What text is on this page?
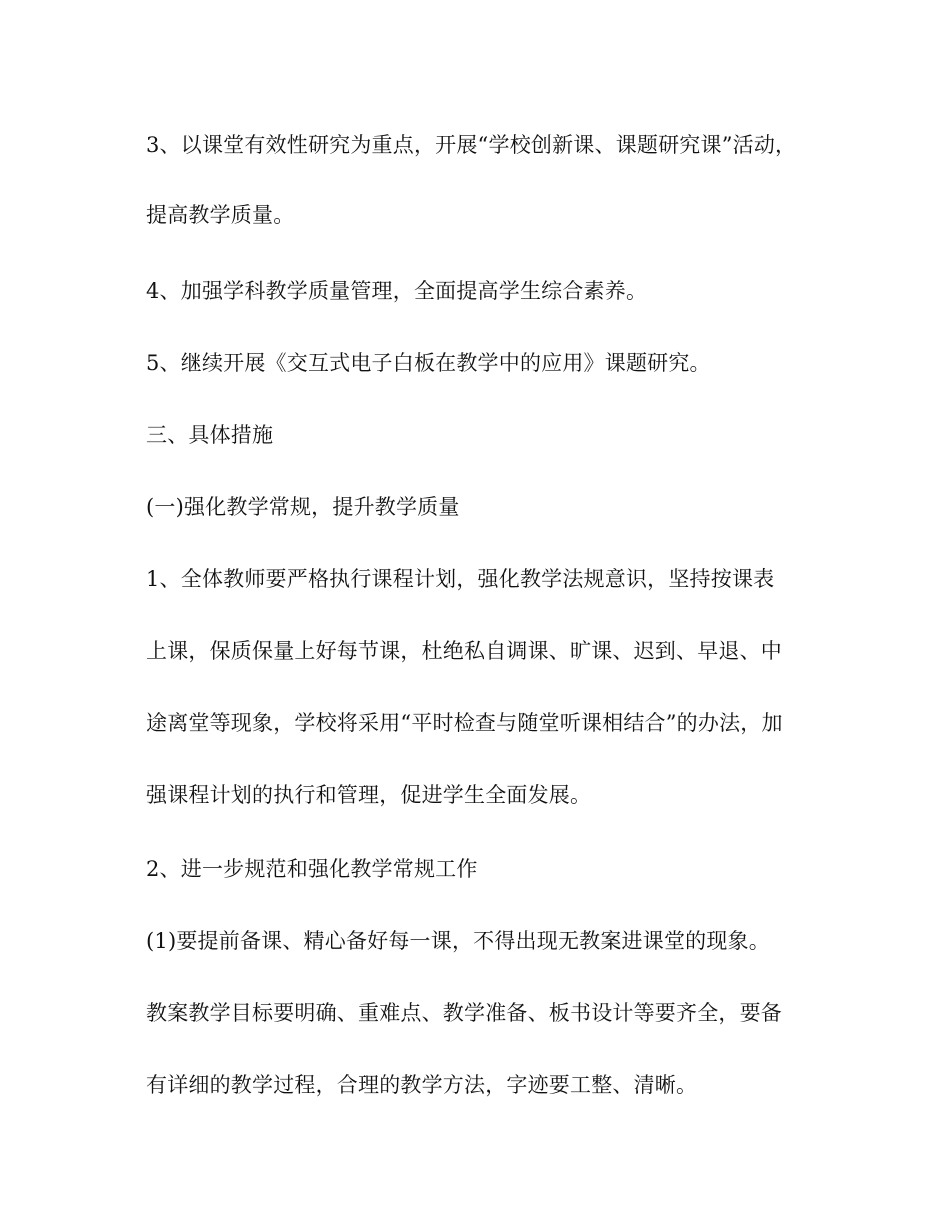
3、以课堂有效性研究为重点，开展“学校创新课、课题研究课”活动，

提高教学质量。

4、加强学科教学质量管理，全面提高学生综合素养。

5、继续开展《交互式电子白板在教学中的应用》课题研究。

三、具体措施

(一)强化教学常规，提升教学质量

1、全体教师要严格执行课程计划，强化教学法规意识，坚持按课表

上课，保质保量上好每节课，杜绝私自调课、旷课、迟到、早退、中

途离堂等现象，学校将采用“平时检查与随堂听课相结合”的办法，加

强课程计划的执行和管理，促进学生全面发展。

2、进一步规范和强化教学常规工作

(1)要提前备课、精心备好每一课，不得出现无教案进课堂的现象。

教案教学目标要明确、重难点、教学准备、板书设计等要齐全，要备

有详细的教学过程，合理的教学方法，字迹要工整、清晰。
